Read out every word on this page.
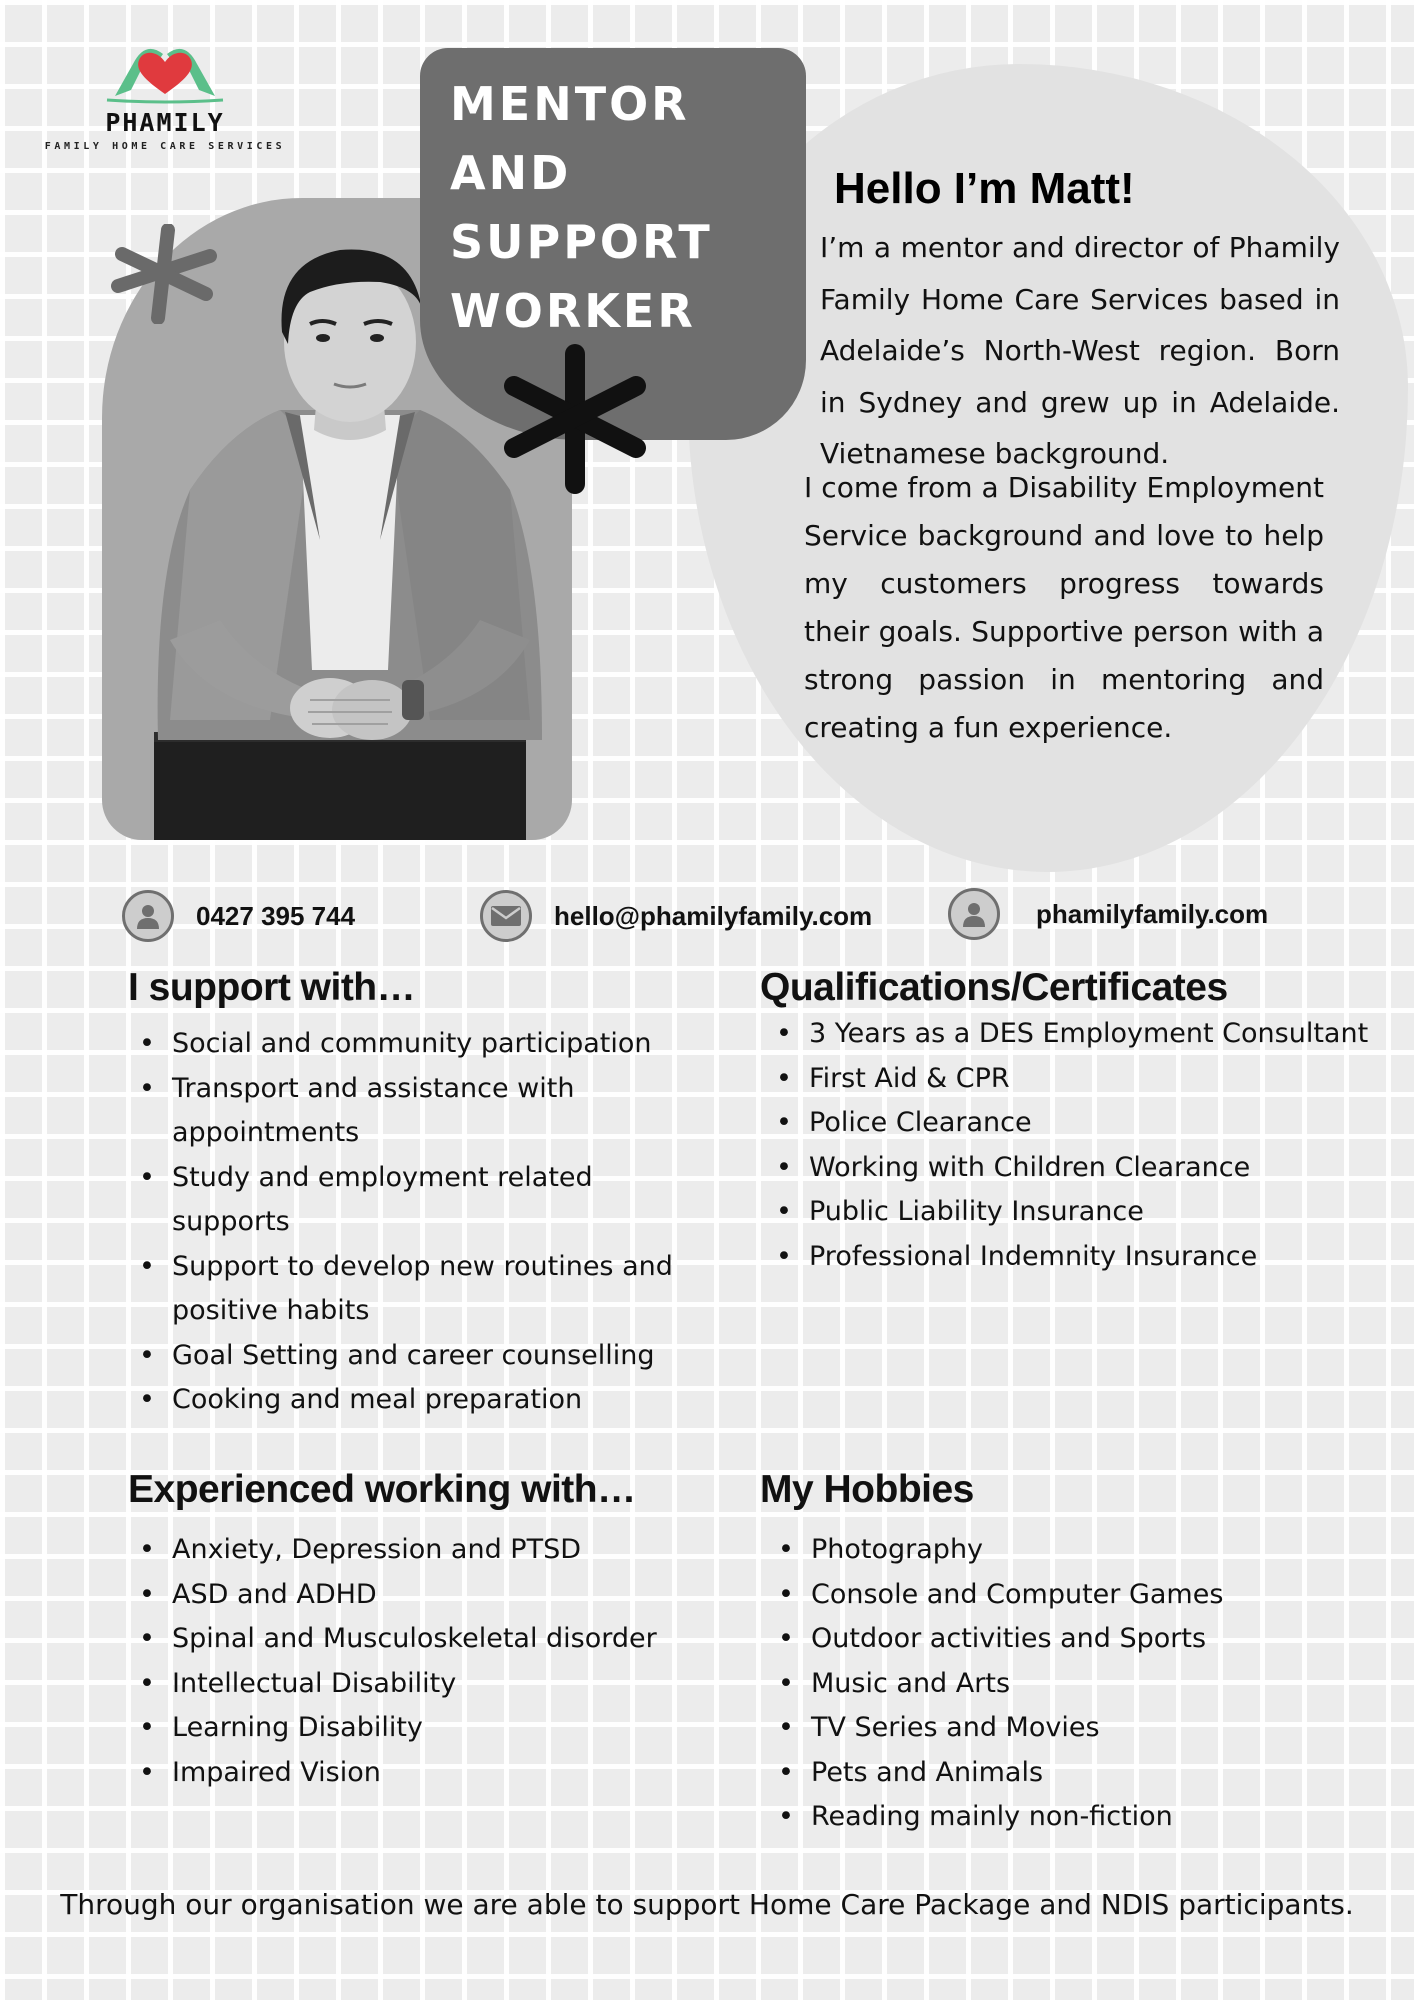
PHAMILY
FAMILY HOME CARE SERVICES
MENTOR
AND
SUPPORT
WORKER
Hello I’m Matt!
I’m a mentor and director of Phamily Family Home Care Services based in Adelaide’s North-West region. Born in Sydney and grew up in Adelaide. Vietnamese background.
I come from a Disability Employment Service background and love to help my customers progress towards their goals. Supportive person with a strong passion in mentoring and creating a fun experience.
0427 395 744	hello@phamilyfamily.com	phamilyfamily.com
I support with…
• Social and community participation
• Transport and assistance with appointments
• Study and employment related supports
• Support to develop new routines and positive habits
• Goal Setting and career counselling
• Cooking and meal preparation
Qualifications/Certificates
• 3 Years as a DES Employment Consultant
• First Aid & CPR
• Police Clearance
• Working with Children Clearance
• Public Liability Insurance
• Professional Indemnity Insurance
Experienced working with…
• Anxiety, Depression and PTSD
• ASD and ADHD
• Spinal and Musculoskeletal disorder
• Intellectual Disability
• Learning Disability
• Impaired Vision
My Hobbies
• Photography
• Console and Computer Games
• Outdoor activities and Sports
• Music and Arts
• TV Series and Movies
• Pets and Animals
• Reading mainly non-fiction
Through our organisation we are able to support Home Care Package and NDIS participants.
